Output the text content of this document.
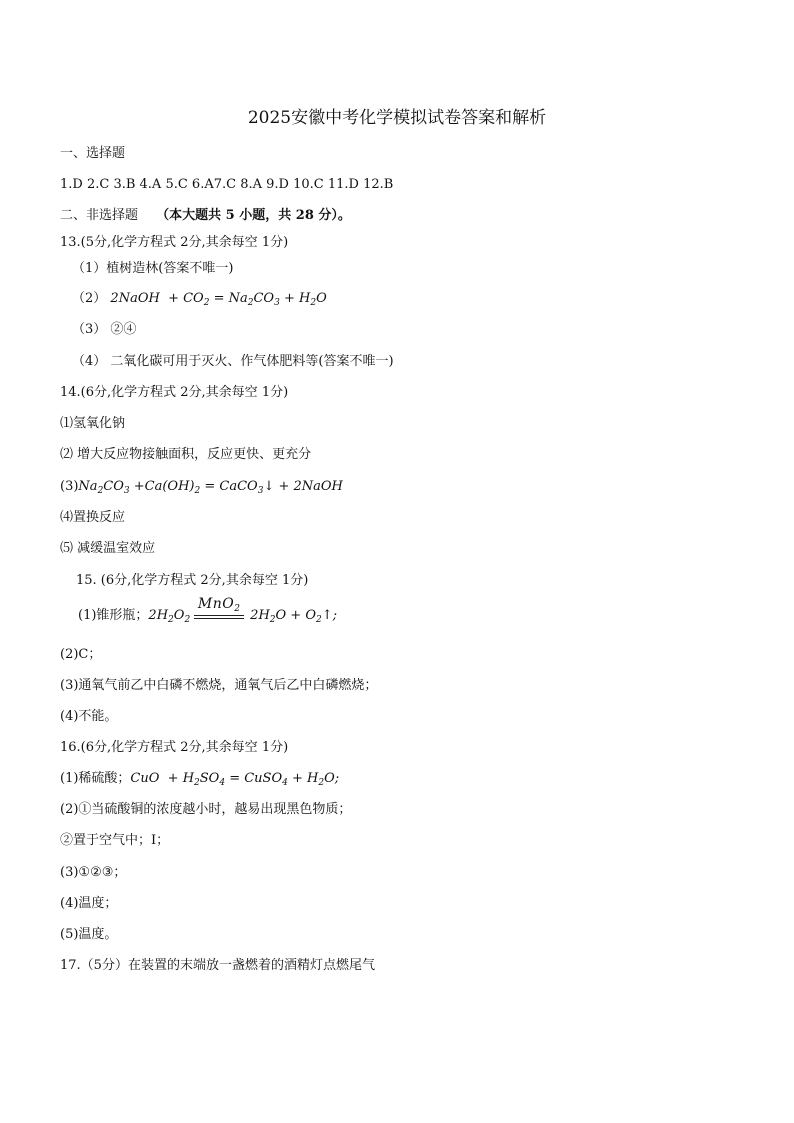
2025安徽中考化学模拟试卷答案和解析
一、选择题
1.D 2.C 3.B 4.A 5.C 6.A7.C 8.A 9.D 10.C 11.D 12.B
二、非选择题 （本大题共 5 小题，共 28 分）。
13.(5分,化学方程式 2分,其余每空 1分)
（1）植树造林(答案不唯一)
（2） 2NaOH  + $CO_2 = Na_2CO_3 + H_2O$
（3） ②④
（4） 二氧化碳可用于灭火、作气体肥料等(答案不唯一)
14.(6分,化学方程式 2分,其余每空 1分)
⑴氢氧化钠
⑵ 增大反应物接触面积，反应更快、更充分
$(3)Na_2CO_3 +Ca(OH)_2$ = CaCO$_3$↓ + 2NaOH
⑷置换反应
⑸ 减缓温室效应
15. (6分,化学方程式 2分,其余每空 1分)
(1)锥形瓶；$2H_2O_2$
MnO$_2$ $2H_2O$ + $O_2↑$;
(2)C；
(3)通氧气前乙中白磷不燃烧，通氧气后乙中白磷燃烧；
(4)不能。
16.(6分,化学方程式 2分,其余每空 1分)
(1)稀硫酸；CuO  + $H_2SO_4$ = CuSO$_4$ + $H_2O$;
(2)①当硫酸铜的浓度越小时，越易出现黑色物质；
②置于空气中；Ⅰ；
(3)①②③；
(4)温度；
(5)温度。
17.（5分）在装置的末端放一盏燃着的酒精灯点燃尾气
